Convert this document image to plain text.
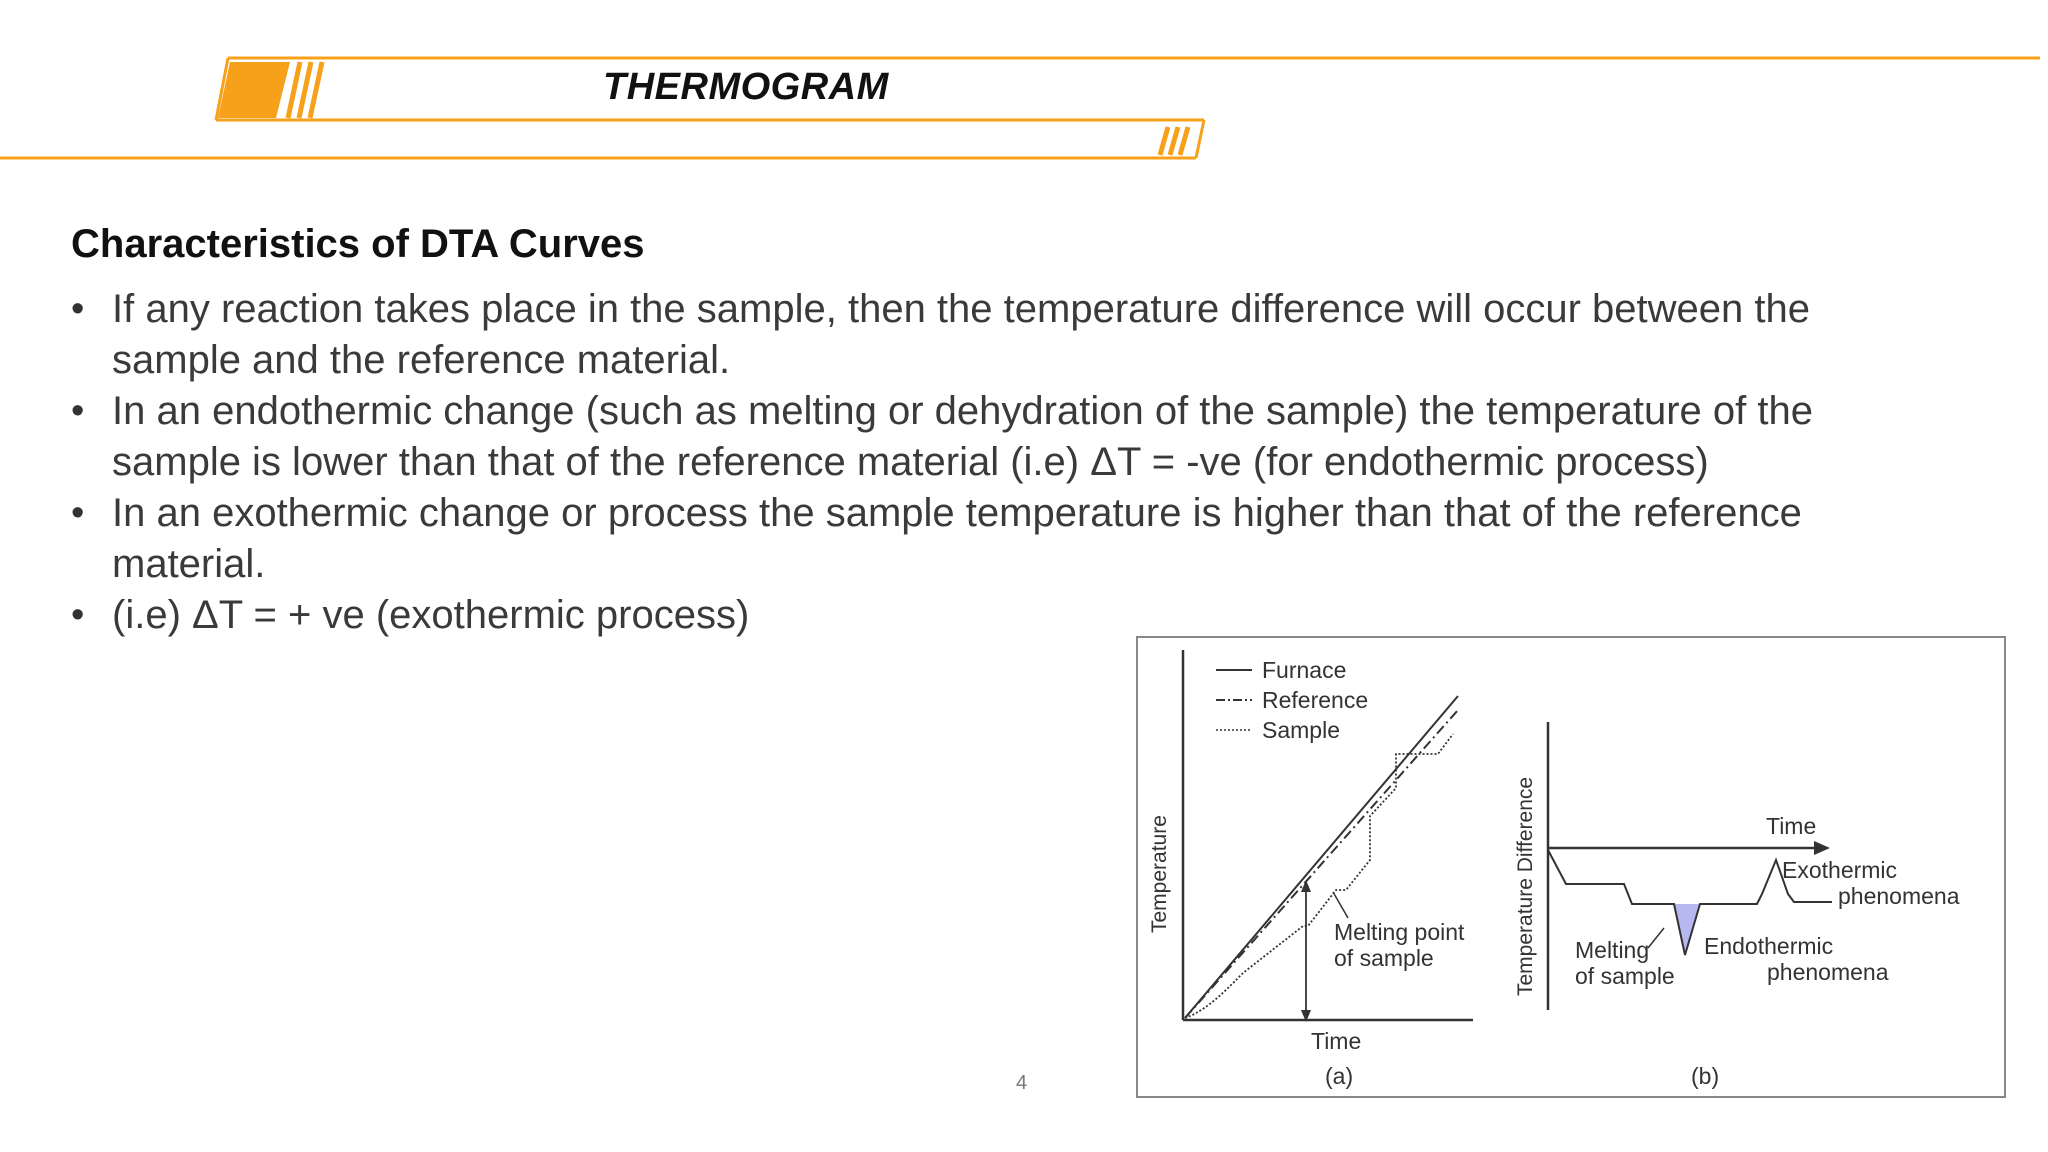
THERMOGRAM
Characteristics of DTA Curves
• If any reaction takes place in the sample, then the temperature difference will occur between the sample and the reference material.
• In an endothermic change (such as melting or dehydration of the sample) the temperature of the sample is lower than that of the reference material (i.e) ΔT = -ve (for endothermic process)
• In an exothermic change or process the sample temperature is higher than that of the reference material.
• (i.e) ΔT = + ve (exothermic process)
Furnace
Reference
Sample
Melting point
of sample
Temperature
Time
(a)
Time
Exothermic
phenomena
Melting
of sample
Endothermic
phenomena
Temperature Difference
(b)
4
